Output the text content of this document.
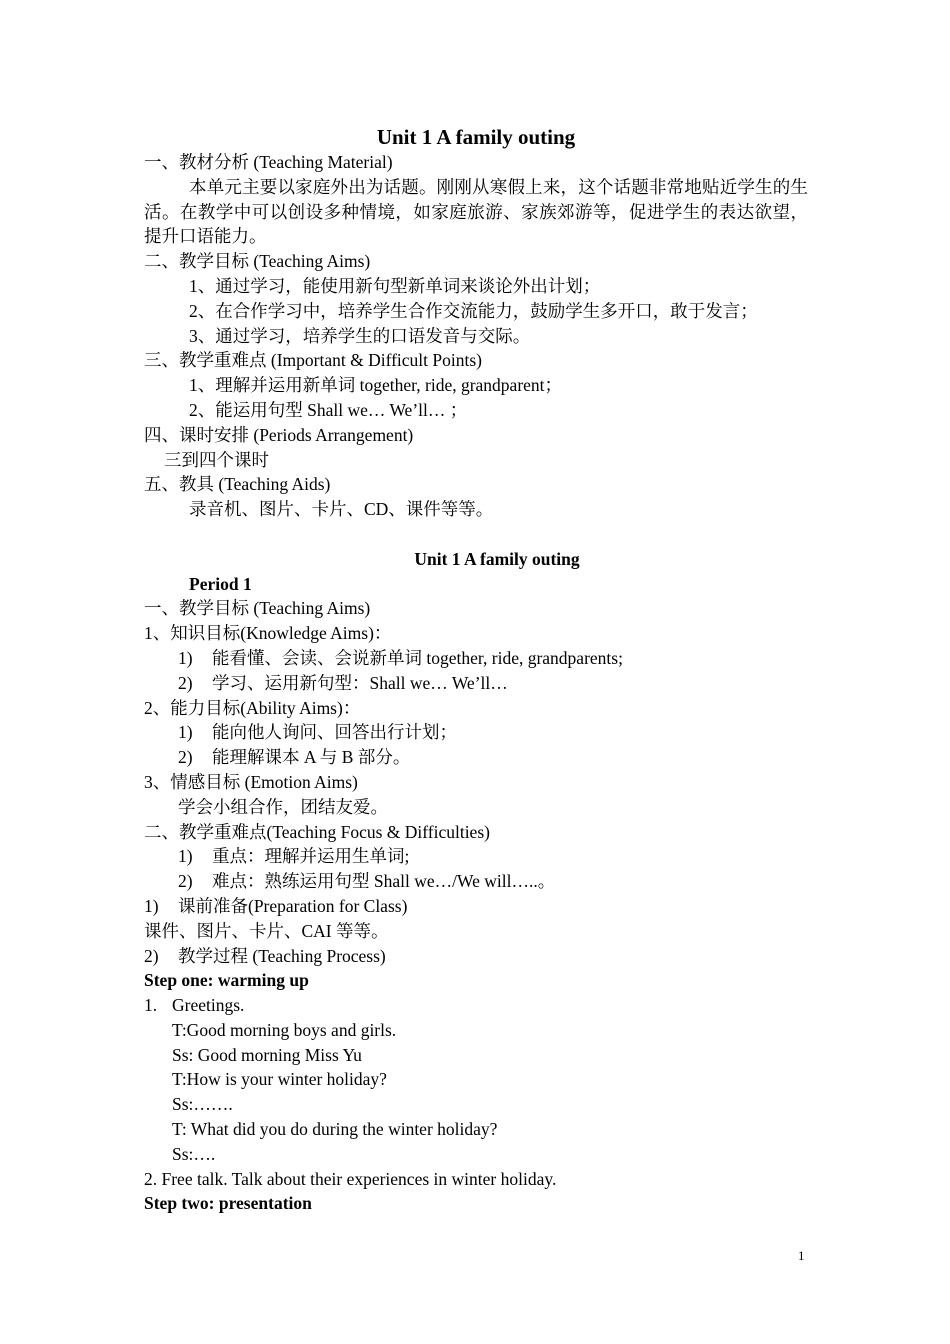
Unit 1 A family outing
一、教材分析 (Teaching Material)
本单元主要以家庭外出为话题。刚刚从寒假上来，这个话题非常地贴近学生的生活。在教学中可以创设多种情境，如家庭旅游、家族郊游等，促进学生的表达欲望，提升口语能力。
二、教学目标 (Teaching Aims)
1、通过学习，能使用新句型新单词来谈论外出计划；
2、在合作学习中，培养学生合作交流能力，鼓励学生多开口，敢于发言；
3、通过学习，培养学生的口语发音与交际。
三、教学重难点 (Important & Difficult Points)
1、理解并运用新单词 together, ride, grandparent；
2、能运用句型 Shall we… We’ll… ；
四、课时安排 (Periods Arrangement)
三到四个课时
五、教具 (Teaching Aids)
录音机、图片、卡片、CD、课件等等。
Unit 1 A family outing
Period 1
一、教学目标 (Teaching Aims)
1、知识目标(Knowledge Aims)：
1) 能看懂、会读、会说新单词 together, ride, grandparents;
2) 学习、运用新句型：Shall we… We’ll…
2、能力目标(Ability Aims)：
1) 能向他人询问、回答出行计划；
2) 能理解课本 A 与 B 部分。
3、情感目标 (Emotion Aims)
学会小组合作，团结友爱。
二、教学重难点(Teaching Focus & Difficulties)
1) 重点：理解并运用生单词;
2) 难点：熟练运用句型 Shall we…/We will…..。
1) 课前准备(Preparation for Class)
课件、图片、卡片、CAI 等等。
2) 教学过程 (Teaching Process)
Step one: warming up
1. Greetings.
T:Good morning boys and girls.
Ss: Good morning Miss Yu
T:How is your winter holiday?
Ss:…….
T: What did you do during the winter holiday?
Ss:….
2. Free talk. Talk about their experiences in winter holiday.
Step two: presentation
1
